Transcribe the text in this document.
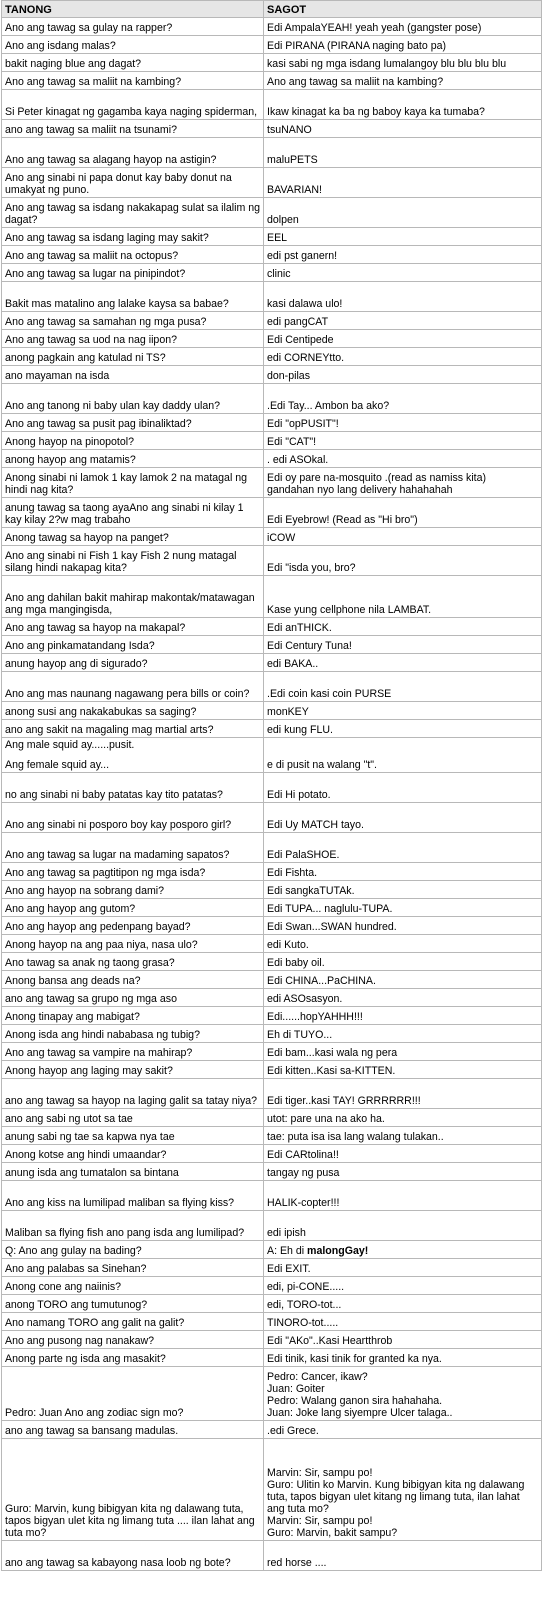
TANONG	SAGOT
Ano ang tawag sa gulay na rapper?	Edi AmpalaYEAH! yeah yeah (gangster pose)
Ano ang isdang malas?	Edi PIRANA (PIRANA naging bato pa)
bakit naging blue ang dagat?	kasi sabi ng mga isdang lumalangoy blu blu blu blu
Ano ang tawag sa maliit na kambing?	Ano ang tawag sa maliit na kambing?
Si Peter kinagat ng gagamba kaya naging spiderman,	Ikaw kinagat ka ba ng baboy kaya ka tumaba?
ano ang tawag sa maliit na tsunami?	tsuNANO
Ano ang tawag sa alagang hayop na astigin?	maluPETS
Ano ang sinabi ni papa donut kay baby donut na umakyat ng puno.	BAVARIAN!
Ano ang tawag sa isdang nakakapag sulat sa ilalim ng dagat?	dolpen
Ano ang tawag sa isdang laging may sakit?	EEL
Ano ang tawag sa maliit na octopus?	edi pst ganern!
Ano ang tawag sa lugar na pinipindot?	clinic
Bakit mas matalino ang lalake kaysa sa babae?	kasi dalawa ulo!
Ano ang tawag sa samahan ng mga pusa?	edi pangCAT
Ano ang tawag sa uod na nag iipon?	Edi Centipede
anong pagkain ang katulad ni TS?	edi CORNEYtto.
ano mayaman na isda	don-pilas
Ano ang tanong ni baby ulan kay daddy ulan?	.Edi Tay... Ambon ba ako?
Ano ang tawag sa pusit pag ibinaliktad?	Edi "opPUSIT"!
Anong hayop na pinopotol?	Edi "CAT"!
anong hayop ang matamis?	. edi ASOkal.
Anong sinabi ni lamok 1 kay lamok 2 na matagal ng hindi nag kita?	Edi oy pare na-mosquito .(read as namiss kita)
gandahan nyo lang delivery hahahahah

anung tawag sa taong ayaAno ang sinabi ni kilay 1 kay kilay 2?w mag trabaho	Edi Eyebrow! (Read as "Hi bro")
Anong tawag sa hayop na panget?	iCOW
Ano ang sinabi ni Fish 1 kay Fish 2 nung matagal silang hindi nakapag kita?	Edi "isda you, bro?
Ano ang dahilan bakit mahirap makontak/matawagan ang mga mangingisda,	Kase yung cellphone nila LAMBAT.
Ano ang tawag sa hayop na makapal?	Edi anTHICK.
Ano ang pinkamatandang Isda?	Edi Century Tuna!
anung hayop ang di sigurado?	edi BAKA..
Ano ang mas naunang nagawang pera bills or coin?	.Edi coin kasi coin PURSE
anong susi ang nakakabukas sa saging?	monKEY
ano ang sakit na magaling mag martial arts?	edi kung FLU.

Ang male squid ay......pusit.
Ang female squid ay...	e di pusit na walang "t".
no ang sinabi ni baby patatas kay tito patatas?	Edi Hi potato.
Ano ang sinabi ni posporo boy kay posporo girl?	Edi Uy MATCH tayo.
Ano ang tawag sa lugar na madaming sapatos?	Edi PalaSHOE.
Ano ang tawag sa pagtitipon ng mga isda?	Edi Fishta.
Ano ang hayop na sobrang dami?	Edi sangkaTUTAk.
Ano ang hayop ang gutom?	Edi TUPA... naglulu-TUPA.
Ano ang hayop ang pedenpang bayad?	Edi Swan...SWAN hundred.
Anong hayop na ang paa niya, nasa ulo?	edi Kuto.
Ano tawag sa anak ng taong grasa?	Edi baby oil.
Anong bansa ang deads na?	Edi CHINA...PaCHINA.
ano ang tawag sa grupo ng mga aso	edi ASOsasyon.
Anong tinapay ang mabigat?	Edi......hopYAHHH!!!
Anong isda ang hindi nababasa ng tubig?	Eh di TUYO...
Ano ang tawag sa vampire na mahirap?	Edi bam...kasi wala ng pera
Anong hayop ang laging may sakit?	Edi kitten..Kasi sa-KITTEN.
ano ang tawag sa hayop na laging galit sa tatay niya?	Edi tiger..kasi TAY! GRRRRRR!!!
ano ang sabi ng utot sa tae	utot: pare una na ako ha.
anung sabi ng tae sa kapwa nya tae	tae: puta isa isa lang walang tulakan..
Anong kotse ang hindi umaandar?	Edi CARtolina!!
anung isda ang tumatalon sa bintana	tangay ng pusa
Ano ang kiss na lumilipad maliban sa flying kiss?	HALIK-copter!!!
Maliban sa flying fish ano pang isda ang lumilipad?	edi ipish
Q: Ano ang gulay na bading?	A: Eh di malongGay!
Ano ang palabas sa Sinehan?	Edi EXIT.
Anong cone ang naiinis?	edi, pi-CONE.....
anong TORO ang tumutunog?	edi, TORO-tot...
Ano namang TORO ang galit na galit?	TINORO-tot.....
Ano ang pusong nag nanakaw?	Edi "AKo"..Kasi Heartthrob
Anong parte ng isda ang masakit?	Edi tinik, kasi tinik for granted ka nya.
Pedro: Juan Ano ang zodiac sign mo?	Pedro: Cancer, ikaw?
Juan: Goiter
Pedro: Walang ganon sira hahahaha.
Juan: Joke lang siyempre Ulcer talaga..

ano ang tawag sa bansang madulas.	.edi Grece.
Guro: Marvin, kung bibigyan kita ng dalawang tuta, tapos bigyan ulet kita ng limang tuta .... ilan lahat ang tuta mo?	Marvin: Sir, sampu po!
Guro: Ulitin ko Marvin. Kung bibigyan kita ng dalawang tuta, tapos bigyan ulet kitang ng limang tuta, ilan lahat ang tuta mo?
Marvin: Sir, sampu po!
Guro: Marvin, bakit sampu?

ano ang tawag sa kabayong nasa loob ng bote?	red horse ....
